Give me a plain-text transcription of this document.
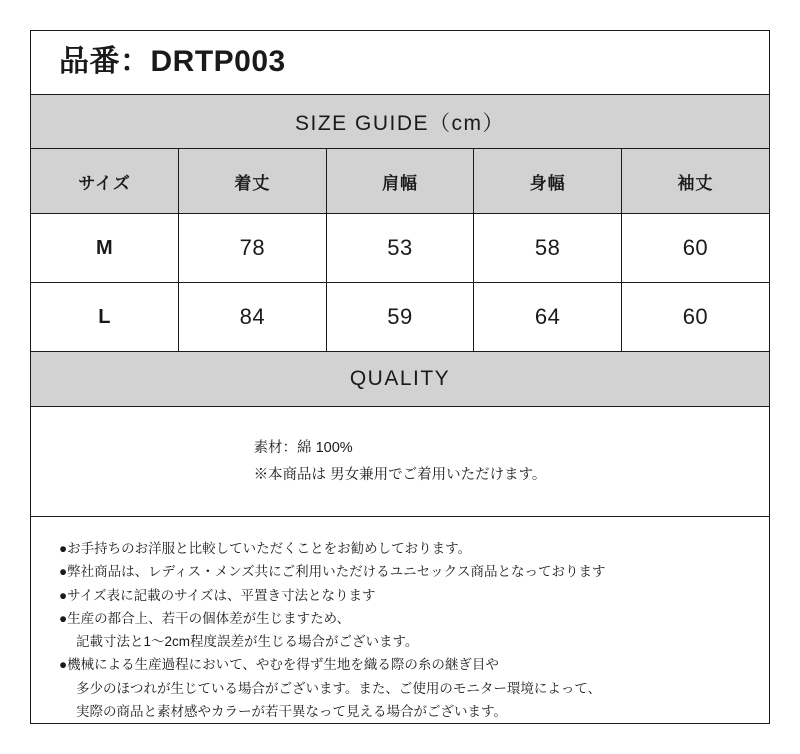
品番： DRTP003
SIZE GUIDE（cm）
サイズ	着丈	肩幅	身幅	袖丈
M	78	53	58	60
L	84	59	64	60
QUALITY
素材：綿 100%
※本商品は 男女兼用でご着用いただけます。
●お手持ちのお洋服と比較していただくことをお勧めしております。
●弊社商品は、レディス・メンズ共にご利用いただけるユニセックス商品となっております
●サイズ表に記載のサイズは、平置き寸法となります
●生産の都合上、若干の個体差が生じますため、
記載寸法と1～2cm程度誤差が生じる場合がございます。
●機械による生産過程において、やむを得ず生地を織る際の糸の継ぎ目や
多少のほつれが生じている場合がございます。また、ご使用のモニター環境によって、
実際の商品と素材感やカラーが若干異なって見える場合がございます。
